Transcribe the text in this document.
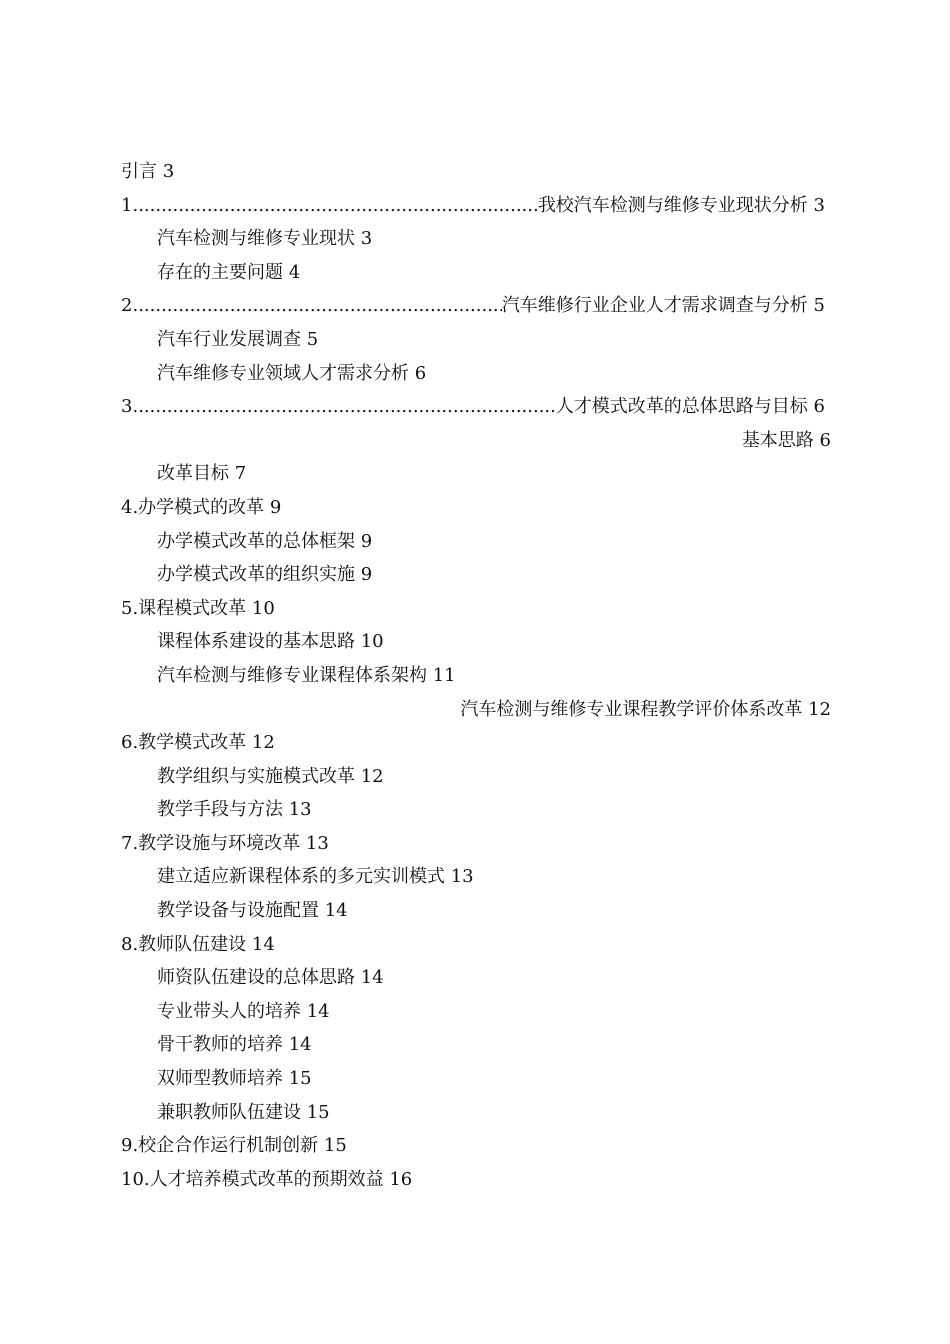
引言 3
1. .....	我校汽车检测与维修专业现状分析 3
汽车检测与维修专业现状 3
存在的主要问题 4
2. .....	汽车维修行业企业人才需求调查与分析 5
汽车行业发展调查 5
汽车维修专业领域人才需求分析 6
3. .....	人才模式改革的总体思路与目标 6
基本思路 6
改革目标 7
4.办学模式的改革 9
办学模式改革的总体框架 9
办学模式改革的组织实施 9
5.课程模式改革 10
课程体系建设的基本思路 10
汽车检测与维修专业课程体系架构 11
汽车检测与维修专业课程教学评价体系改革 12
6.教学模式改革 12
教学组织与实施模式改革 12
教学手段与方法 13
7.教学设施与环境改革 13
建立适应新课程体系的多元实训模式 13
教学设备与设施配置 14
8.教师队伍建设 14
师资队伍建设的总体思路 14
专业带头人的培养 14
骨干教师的培养 14
双师型教师培养 15
兼职教师队伍建设 15
9.校企合作运行机制创新 15
10.人才培养模式改革的预期效益 16
